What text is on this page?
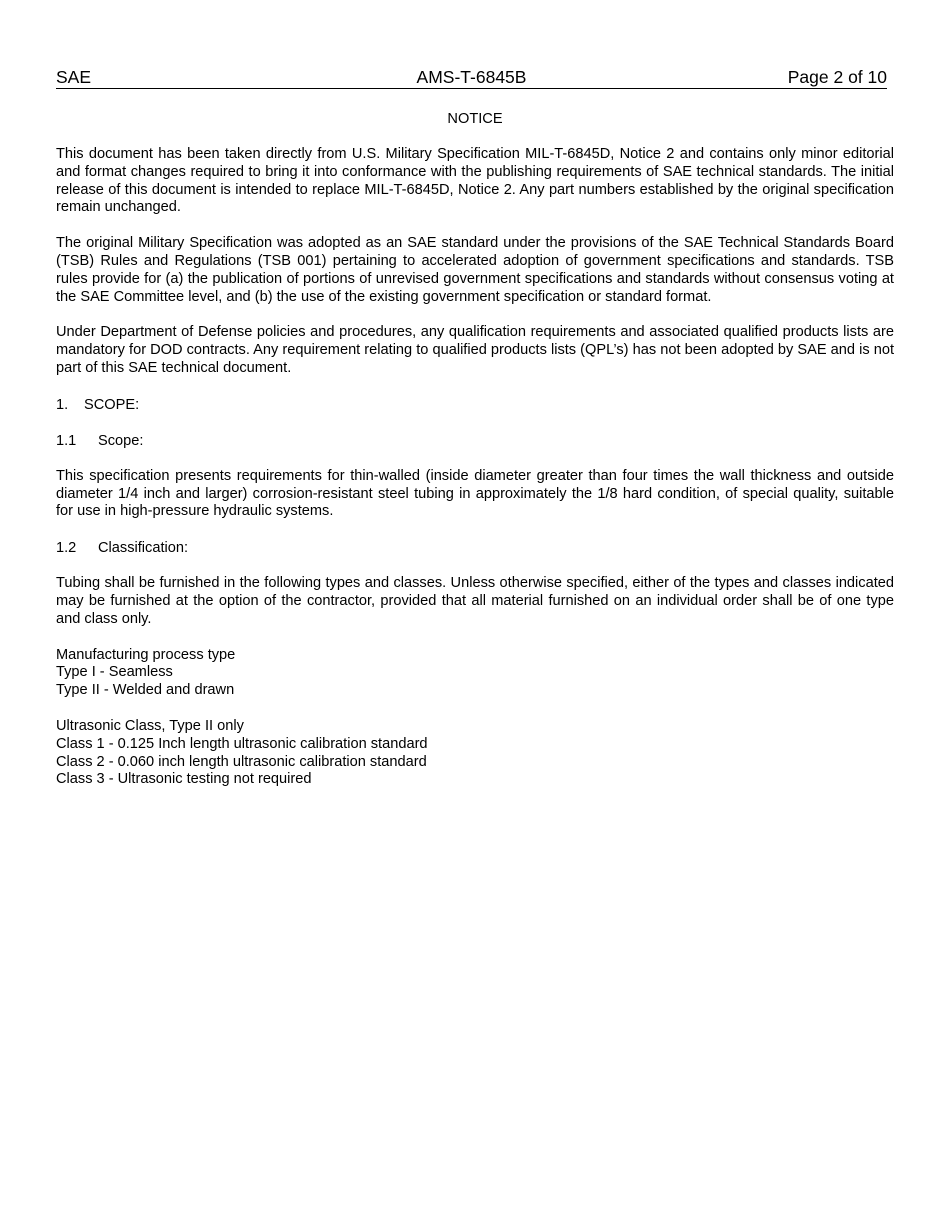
SAE	AMS-T-6845B	Page 2 of 10
NOTICE

This document has been taken directly from U.S. Military Specification MIL-T-6845D, Notice 2 and contains only minor editorial and format changes required to bring it into conformance with the publishing requirements of SAE technical standards. The initial release of this document is intended to replace MIL-T-6845D, Notice 2. Any part numbers established by the original specification remain unchanged.

The original Military Specification was adopted as an SAE standard under the provisions of the SAE Technical Standards Board (TSB) Rules and Regulations (TSB 001) pertaining to accelerated adoption of government specifications and standards. TSB rules provide for (a) the publication of portions of unrevised government specifications and standards without consensus voting at the SAE Committee level, and (b) the use of the existing government specification or standard format.

Under Department of Defense policies and procedures, any qualification requirements and associated qualified products lists are mandatory for DOD contracts. Any requirement relating to qualified products lists (QPL’s) has not been adopted by SAE and is not part of this SAE technical document.

1. SCOPE:
1.1 Scope:

This specification presents requirements for thin-walled (inside diameter greater than four times the wall thickness and outside diameter 1/4 inch and larger) corrosion-resistant steel tubing in approximately the 1/8 hard condition, of special quality, suitable for use in high-pressure hydraulic systems.

1.2 Classification:

Tubing shall be furnished in the following types and classes. Unless otherwise specified, either of the types and classes indicated may be furnished at the option of the contractor, provided that all material furnished on an individual order shall be of one type and class only.

Manufacturing process type
Type I - Seamless
Type II - Welded and drawn
Ultrasonic Class, Type II only
Class 1 - 0.125 Inch length ultrasonic calibration standard
Class 2 - 0.060 inch length ultrasonic calibration standard
Class 3 - Ultrasonic testing not required
